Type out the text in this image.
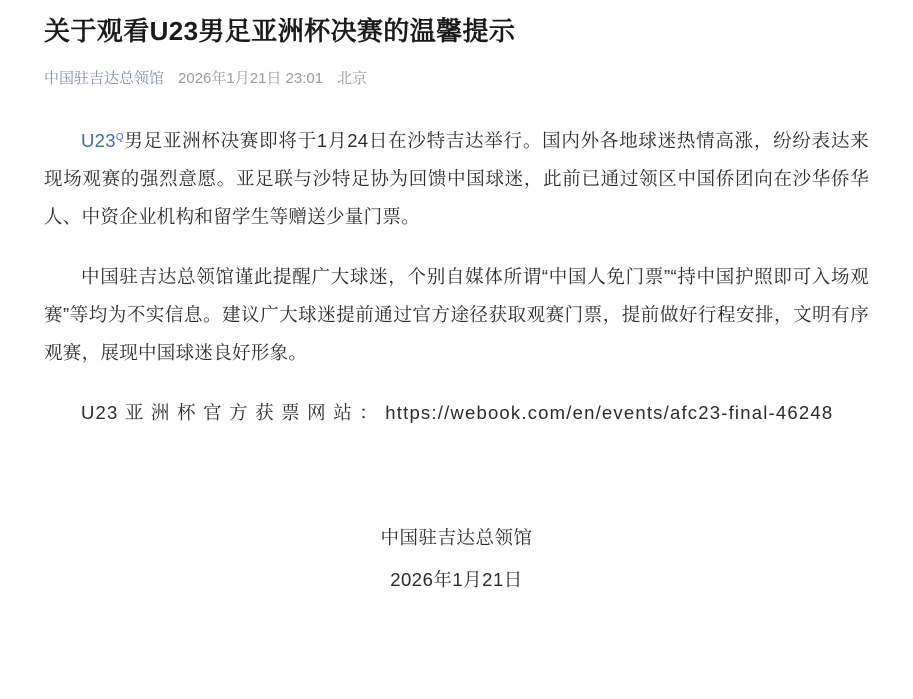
关于观看U23男足亚洲杯决赛的温馨提示
中国驻吉达总领馆 2026年1月21日 23:01 北京

$U23^Q$男足亚洲杯决赛即将于1月24日在沙特吉达举行。国内外各地球迷热情高涨，纷纷表达来现场观赛的强烈意愿。亚足联与沙特足协为回馈中国球迷，此前已通过领区中国侨团向在沙华侨华人、中资企业机构和留学生等赠送少量门票。

中国驻吉达总领馆谨此提醒广大球迷，个别自媒体所谓“中国人免门票”“持中国护照即可入场观赛”等均为不实信息。建议广大球迷提前通过官方途径获取观赛门票，提前做好行程安排，文明有序观赛，展现中国球迷良好形象。

U23 亚 洲 杯 官 方 获 票 网 站 ： https://webook.com/en/events/afc23-final-46248

中国驻吉达总领馆
2026年1月21日
